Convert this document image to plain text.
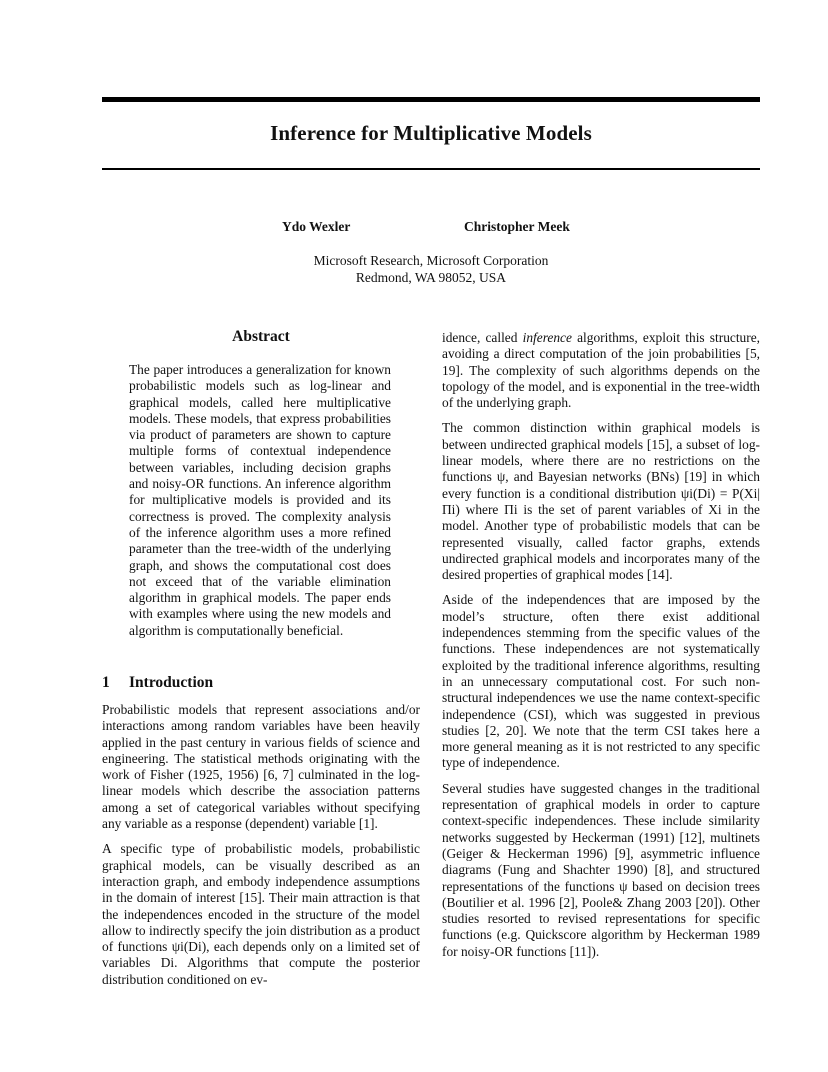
Inference for Multiplicative Models
Ydo Wexler	Christopher Meek
Microsoft Research, Microsoft Corporation
Redmond, WA 98052, USA
Abstract
The paper introduces a generalization for known probabilistic models such as log-linear and graphical models, called here multiplicative models. These models, that express probabilities via product of parameters are shown to capture multiple forms of contextual independence between variables, including decision graphs and noisy-OR functions. An inference algorithm for multiplicative models is provided and its correctness is proved. The complexity analysis of the inference algorithm uses a more refined parameter than the tree-width of the underlying graph, and shows the computational cost does not exceed that of the variable elimination algorithm in graphical models. The paper ends with examples where using the new models and algorithm is computationally beneficial.
1 Introduction

Probabilistic models that represent associations and/or interactions among random variables have been heavily applied in the past century in various fields of science and engineering. The statistical methods originating with the work of Fisher (1925, 1956) [6, 7] culminated in the log-linear models which describe the association patterns among a set of categorical variables without specifying any variable as a response (dependent) variable [1].

A specific type of probabilistic models, probabilistic graphical models, can be visually described as an interaction graph, and embody independence assumptions in the domain of interest [15]. Their main attraction is that the independences encoded in the structure of the model allow to indirectly specify the join distribution as a product of functions ψi(Di), each depends only on a limited set of variables Di. Algorithms that compute the posterior distribution conditioned on ev-

idence, called inference algorithms, exploit this structure, avoiding a direct computation of the join probabilities [5, 19]. The complexity of such algorithms depends on the topology of the model, and is exponential in the tree-width of the underlying graph.

The common distinction within graphical models is between undirected graphical models [15], a subset of log-linear models, where there are no restrictions on the functions ψ, and Bayesian networks (BNs) [19] in which every function is a conditional distribution ψi(Di) = P(Xi|Πi) where Πi is the set of parent variables of Xi in the model. Another type of probabilistic models that can be represented visually, called factor graphs, extends undirected graphical models and incorporates many of the desired properties of graphical modes [14].

Aside of the independences that are imposed by the model’s structure, often there exist additional independences stemming from the specific values of the functions. These independences are not systematically exploited by the traditional inference algorithms, resulting in an unnecessary computational cost. For such non-structural independences we use the name context-specific independence (CSI), which was suggested in previous studies [2, 20]. We note that the term CSI takes here a more general meaning as it is not restricted to any specific type of independence.

Several studies have suggested changes in the traditional representation of graphical models in order to capture context-specific independences. These include similarity networks suggested by Heckerman (1991) [12], multinets (Geiger & Heckerman 1996) [9], asymmetric influence diagrams (Fung and Shachter 1990) [8], and structured representations of the functions ψ based on decision trees (Boutilier et al. 1996 [2], Poole& Zhang 2003 [20]). Other studies resorted to revised representations for specific functions (e.g. Quickscore algorithm by Heckerman 1989 for noisy-OR functions [11]).
